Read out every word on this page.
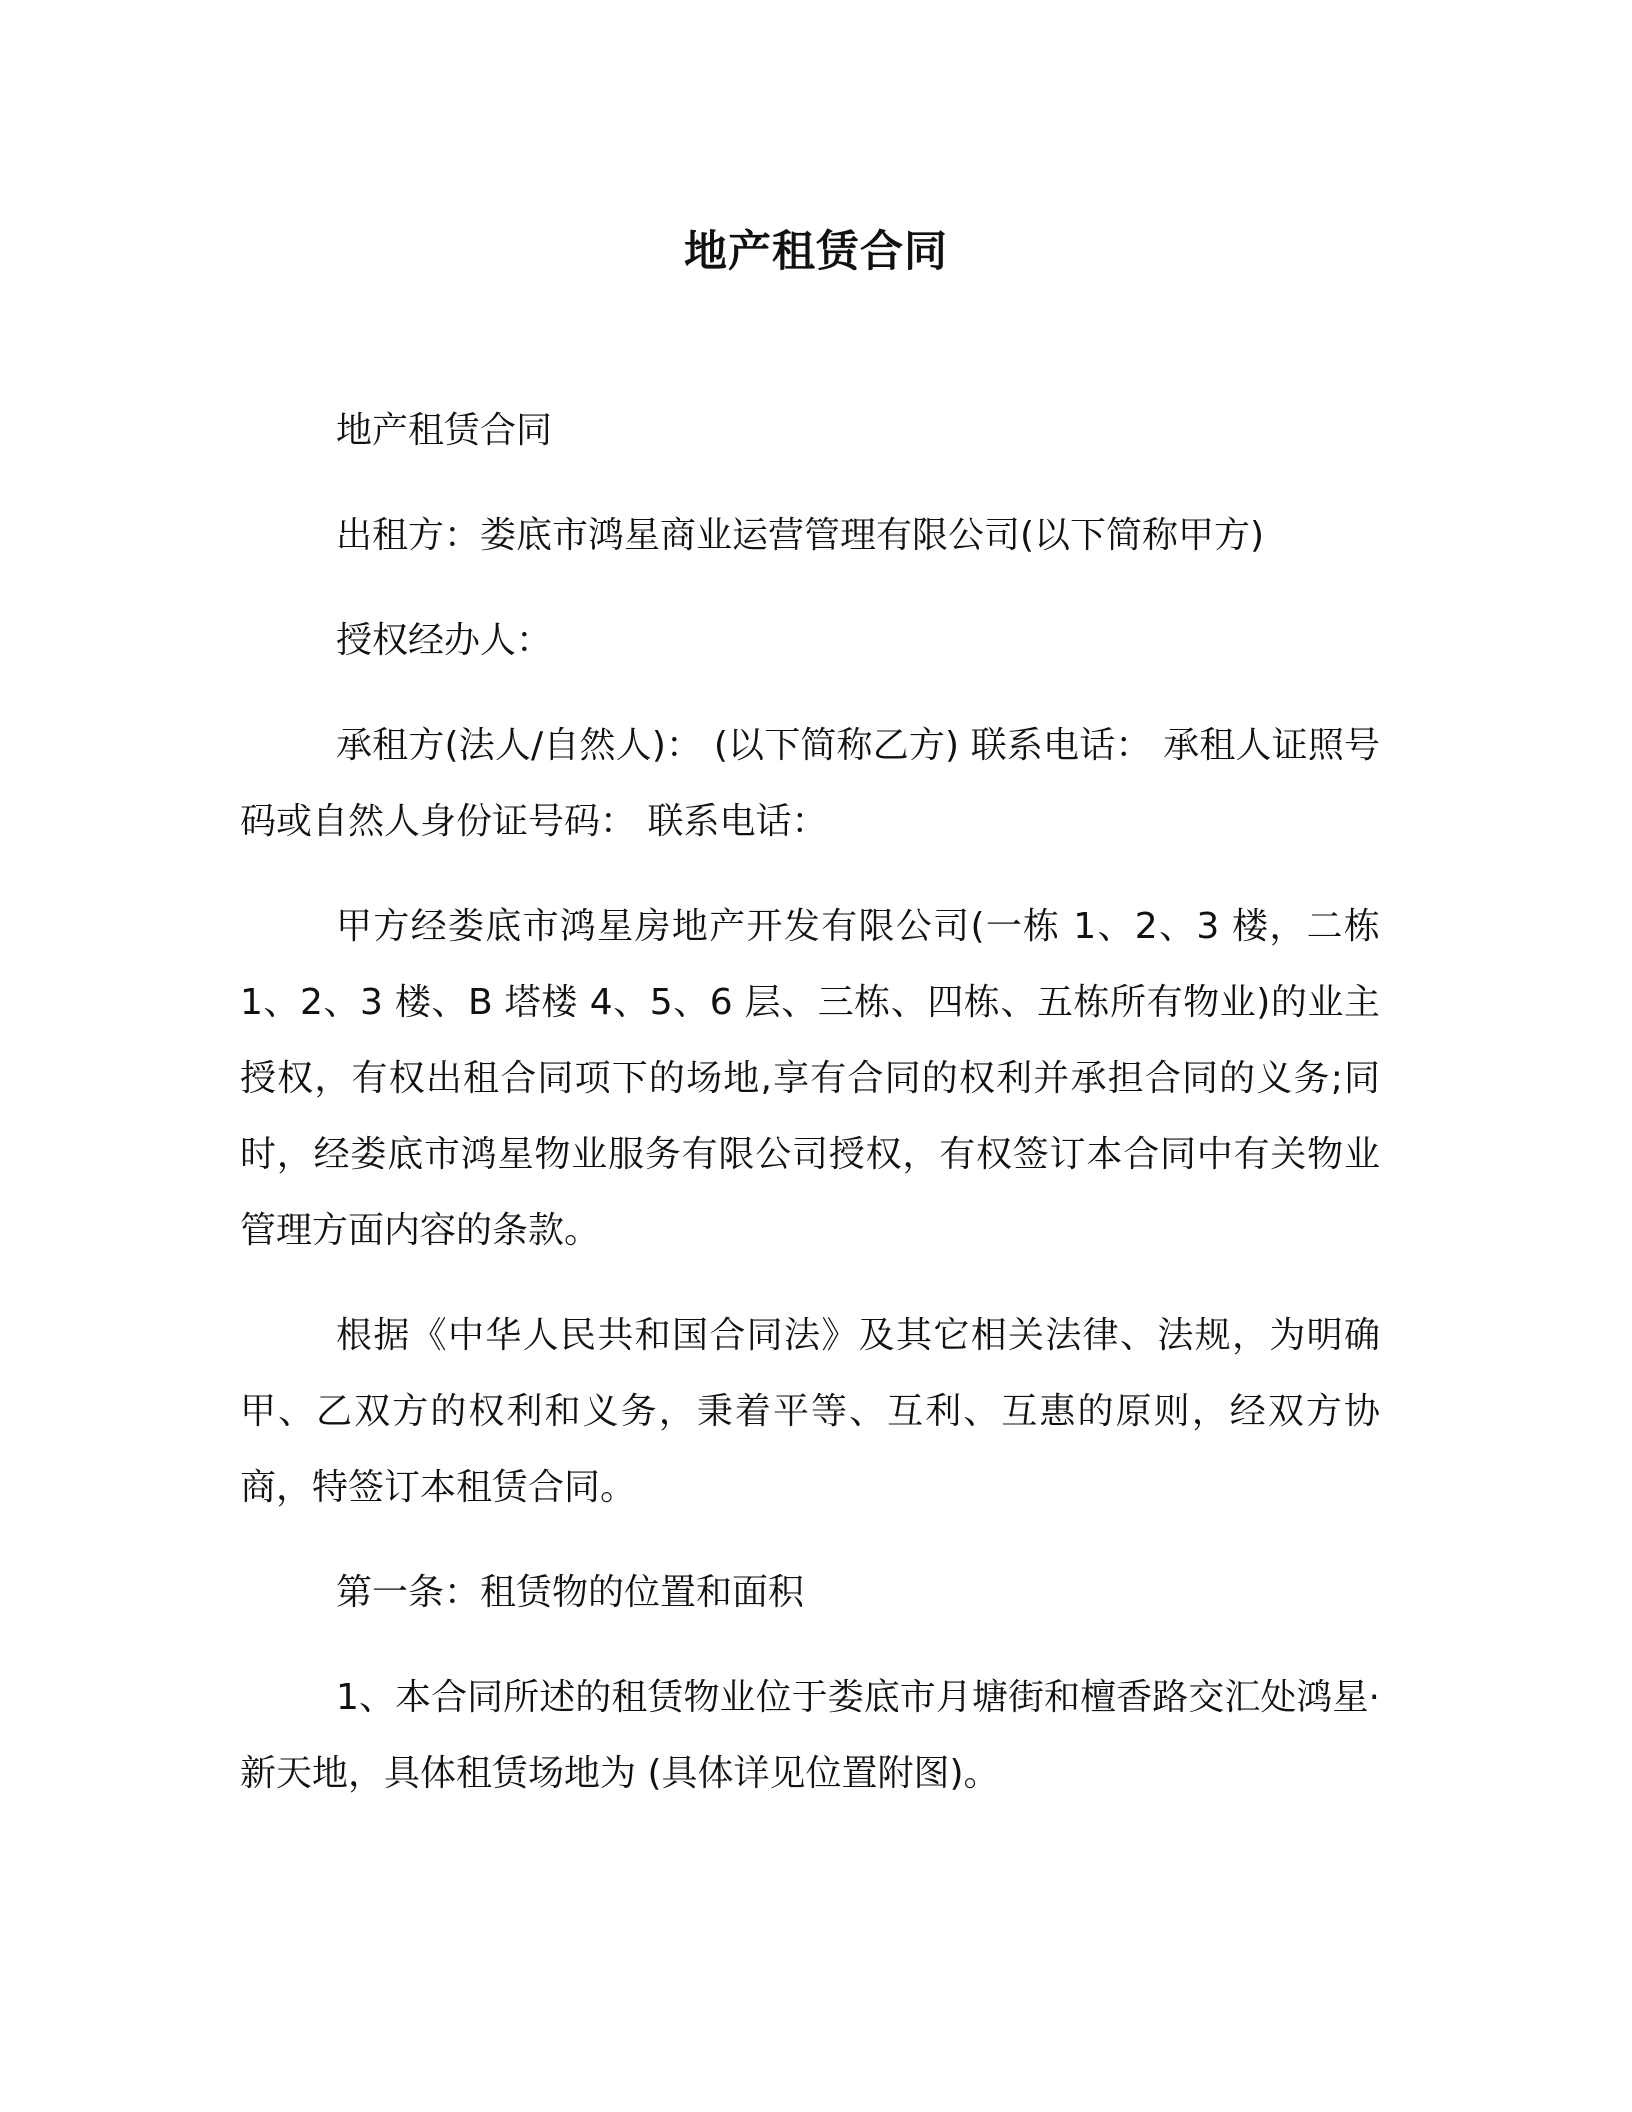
地产租赁合同

地产租赁合同

出租方：娄底市鸿星商业运营管理有限公司(以下简称甲方)

授权经办人：

承租方(法人/自然人)： (以下简称乙方) 联系电话： 承租人证照号码或自然人身份证号码： 联系电话：

甲方经娄底市鸿星房地产开发有限公司(一栋 1、2、3 楼，二栋 1、2、3 楼、B 塔楼 4、5、6 层、三栋、四栋、五栋所有物业)的业主授权，有权出租合同项下的场地,享有合同的权利并承担合同的义务;同时，经娄底市鸿星物业服务有限公司授权，有权签订本合同中有关物业管理方面内容的条款。

根据《中华人民共和国合同法》及其它相关法律、法规，为明确甲、乙双方的权利和义务，秉着平等、互利、互惠的原则，经双方协商，特签订本租赁合同。

第一条：租赁物的位置和面积

1、本合同所述的租赁物业位于娄底市月塘街和檀香路交汇处鸿星·新天地，具体租赁场地为 (具体详见位置附图)。
